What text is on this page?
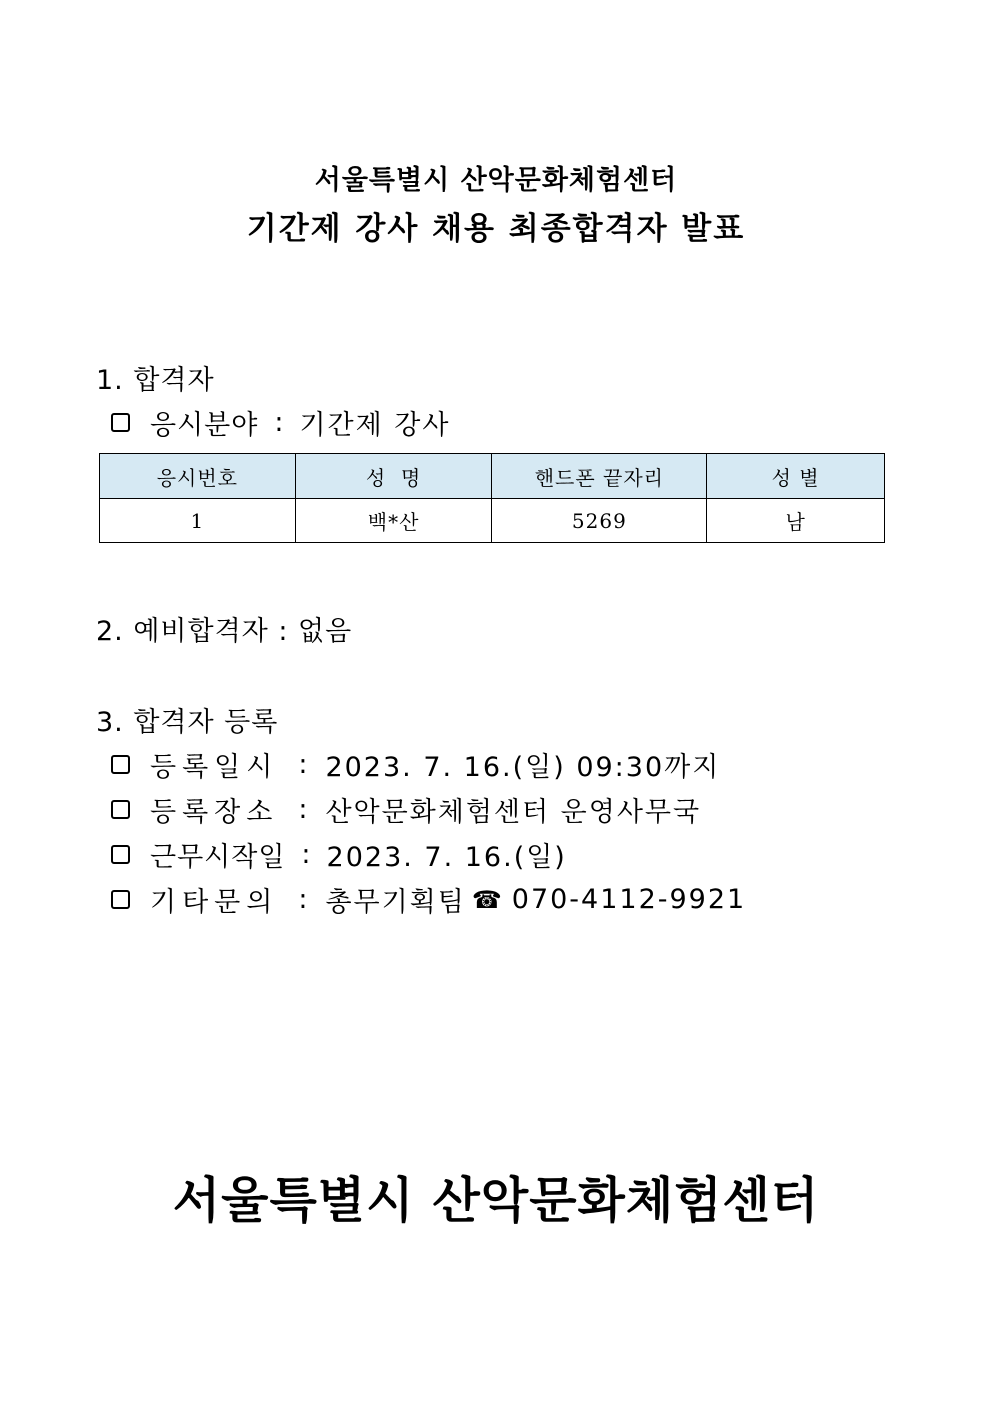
서울특별시 산악문화체험센터
기간제 강사 채용 최종합격자 발표
1. 합격자
응시분야 : 기간제 강사
응시번호	성  명	핸드폰 끝자리	성 별
1	백*산	5269	남
2. 예비합격자 : 없음
3. 합격자 등록
등록일시 : 2023. 7. 16.(일) 09:30까지
등록장소 : 산악문화체험센터 운영사무국
근무시작일 : 2023. 7. 16.(일)
기타문의 : 총무기획팀 ☎ 070-4112-9921
서울특별시 산악문화체험센터
